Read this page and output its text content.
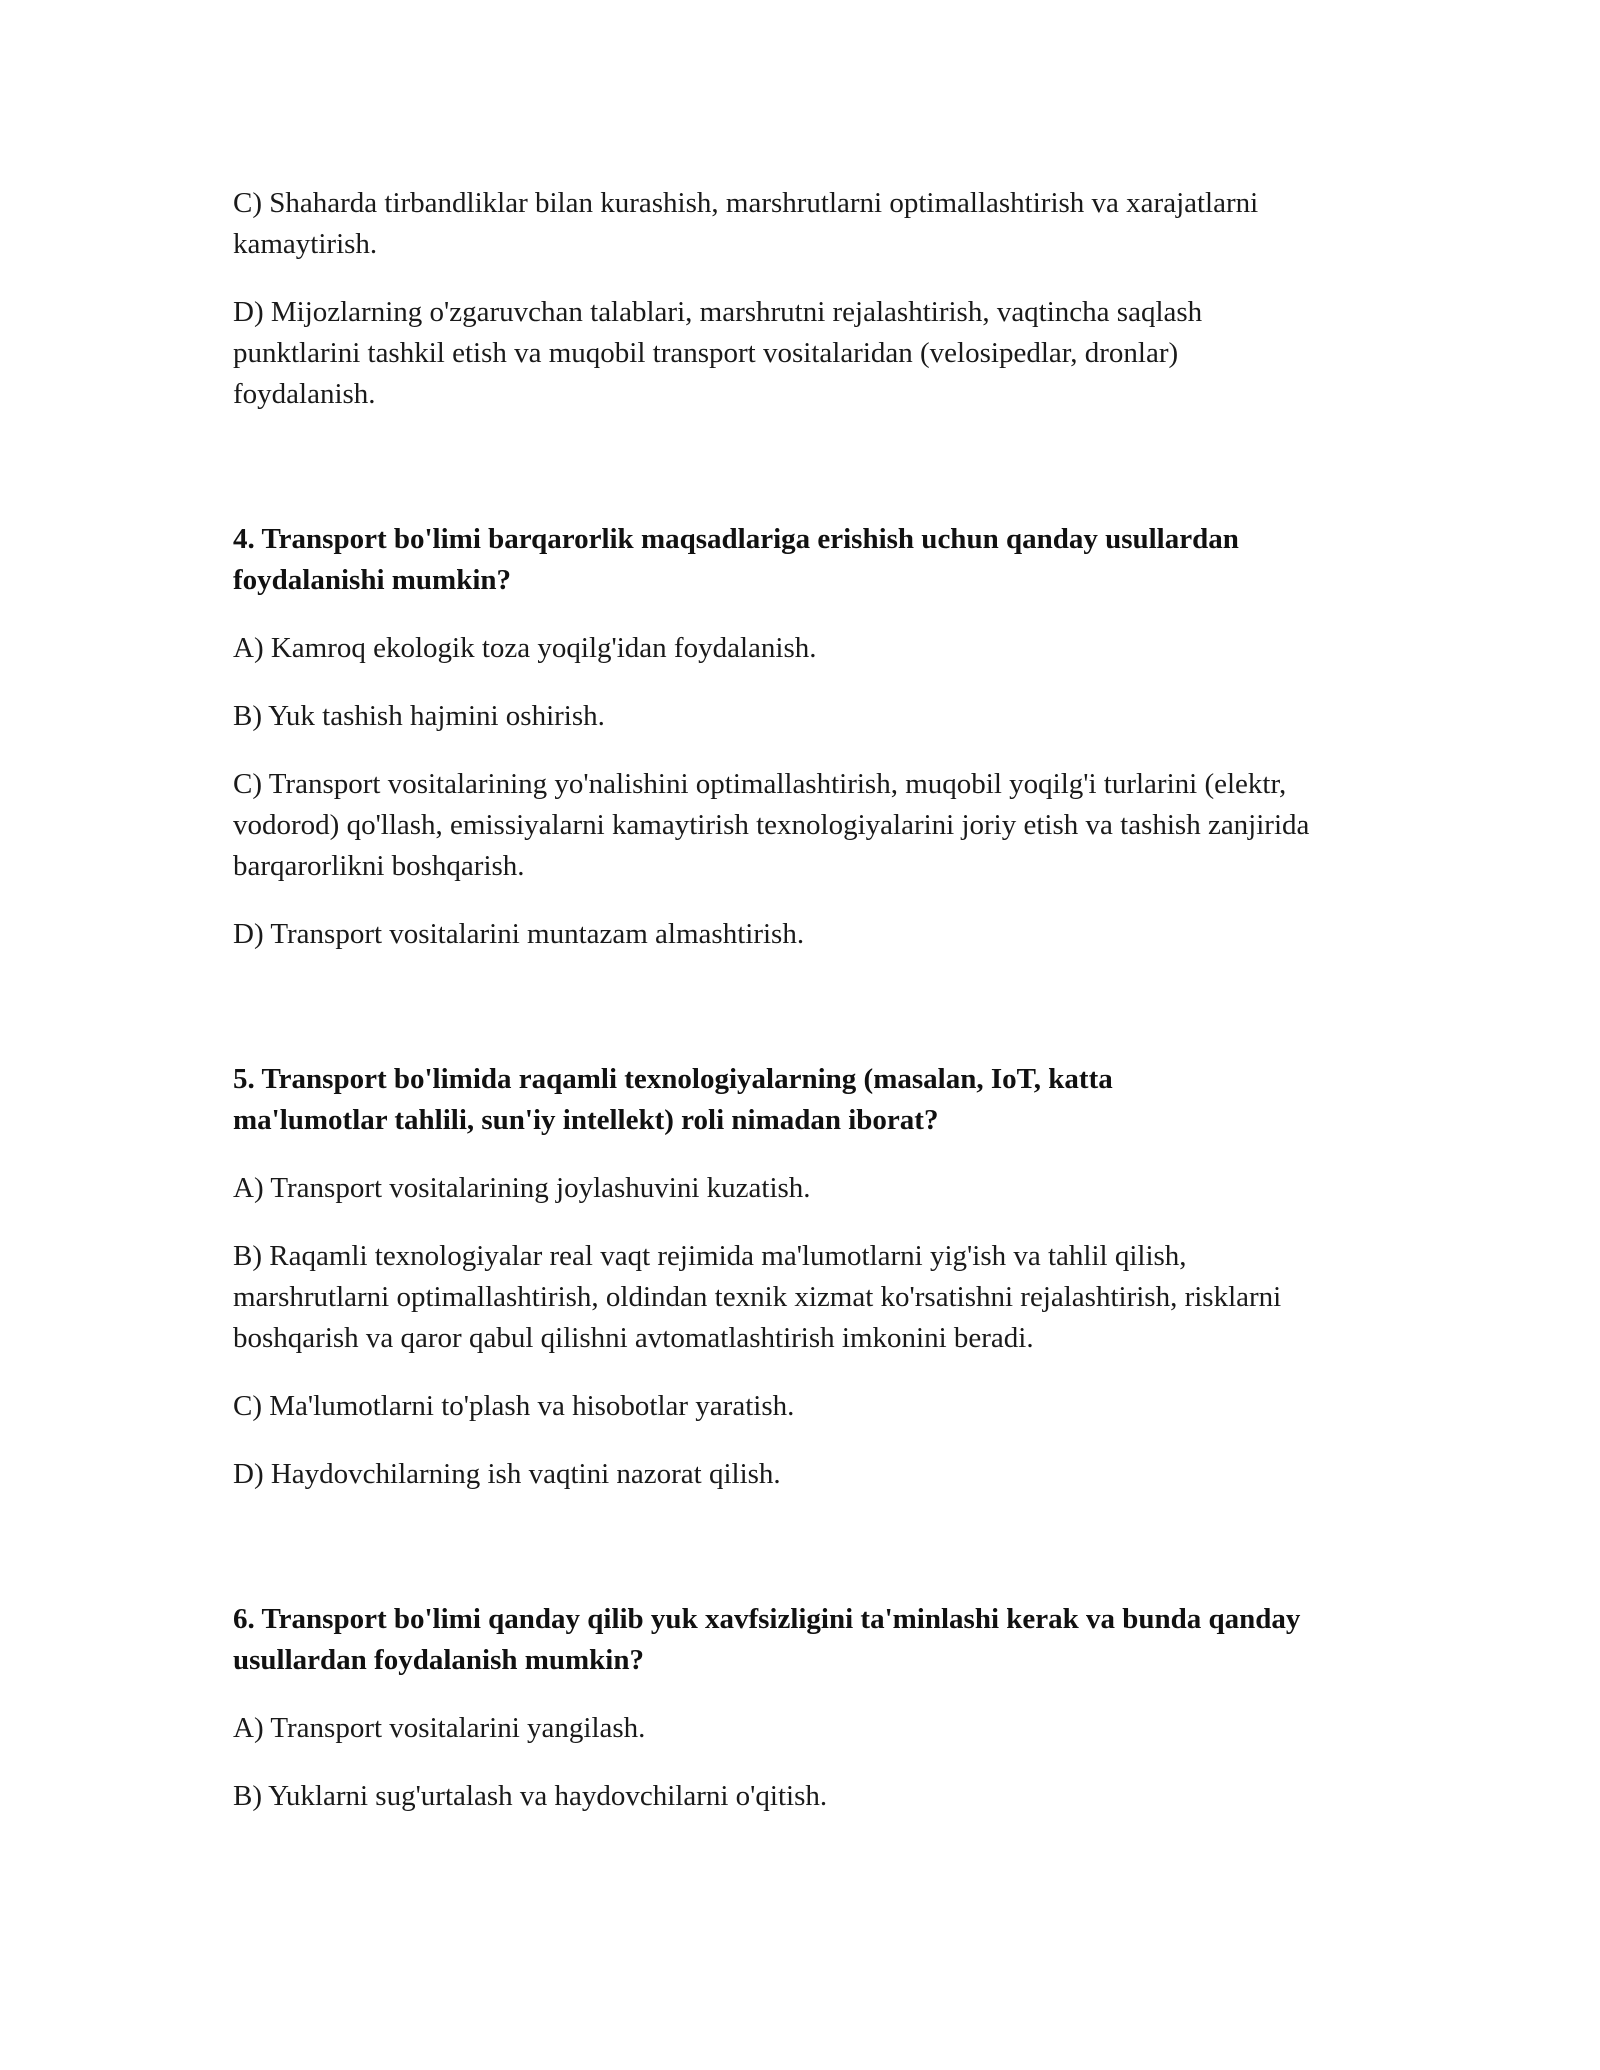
C) Shaharda tirbandliklar bilan kurashish, marshrutlarni optimallashtirish va xarajatlarni kamaytirish.

D) Mijozlarning o'zgaruvchan talablari, marshrutni rejalashtirish, vaqtincha saqlash punktlarini tashkil etish va muqobil transport vositalaridan (velosipedlar, dronlar) foydalanish.

4. Transport bo'limi barqarorlik maqsadlariga erishish uchun qanday usullardan foydalanishi mumkin?

A) Kamroq ekologik toza yoqilg'idan foydalanish.

B) Yuk tashish hajmini oshirish.

C) Transport vositalarining yo'nalishini optimallashtirish, muqobil yoqilg'i turlarini (elektr, vodorod) qo'llash, emissiyalarni kamaytirish texnologiyalarini joriy etish va tashish zanjirida barqarorlikni boshqarish.

D) Transport vositalarini muntazam almashtirish.

5. Transport bo'limida raqamli texnologiyalarning (masalan, IoT, katta ma'lumotlar tahlili, sun'iy intellekt) roli nimadan iborat?

A) Transport vositalarining joylashuvini kuzatish.

B) Raqamli texnologiyalar real vaqt rejimida ma'lumotlarni yig'ish va tahlil qilish, marshrutlarni optimallashtirish, oldindan texnik xizmat ko'rsatishni rejalashtirish, risklarni boshqarish va qaror qabul qilishni avtomatlashtirish imkonini beradi.

C) Ma'lumotlarni to'plash va hisobotlar yaratish.

D) Haydovchilarning ish vaqtini nazorat qilish.

6. Transport bo'limi qanday qilib yuk xavfsizligini ta'minlashi kerak va bunda qanday usullardan foydalanish mumkin?

A) Transport vositalarini yangilash.

B) Yuklarni sug'urtalash va haydovchilarni o'qitish.
